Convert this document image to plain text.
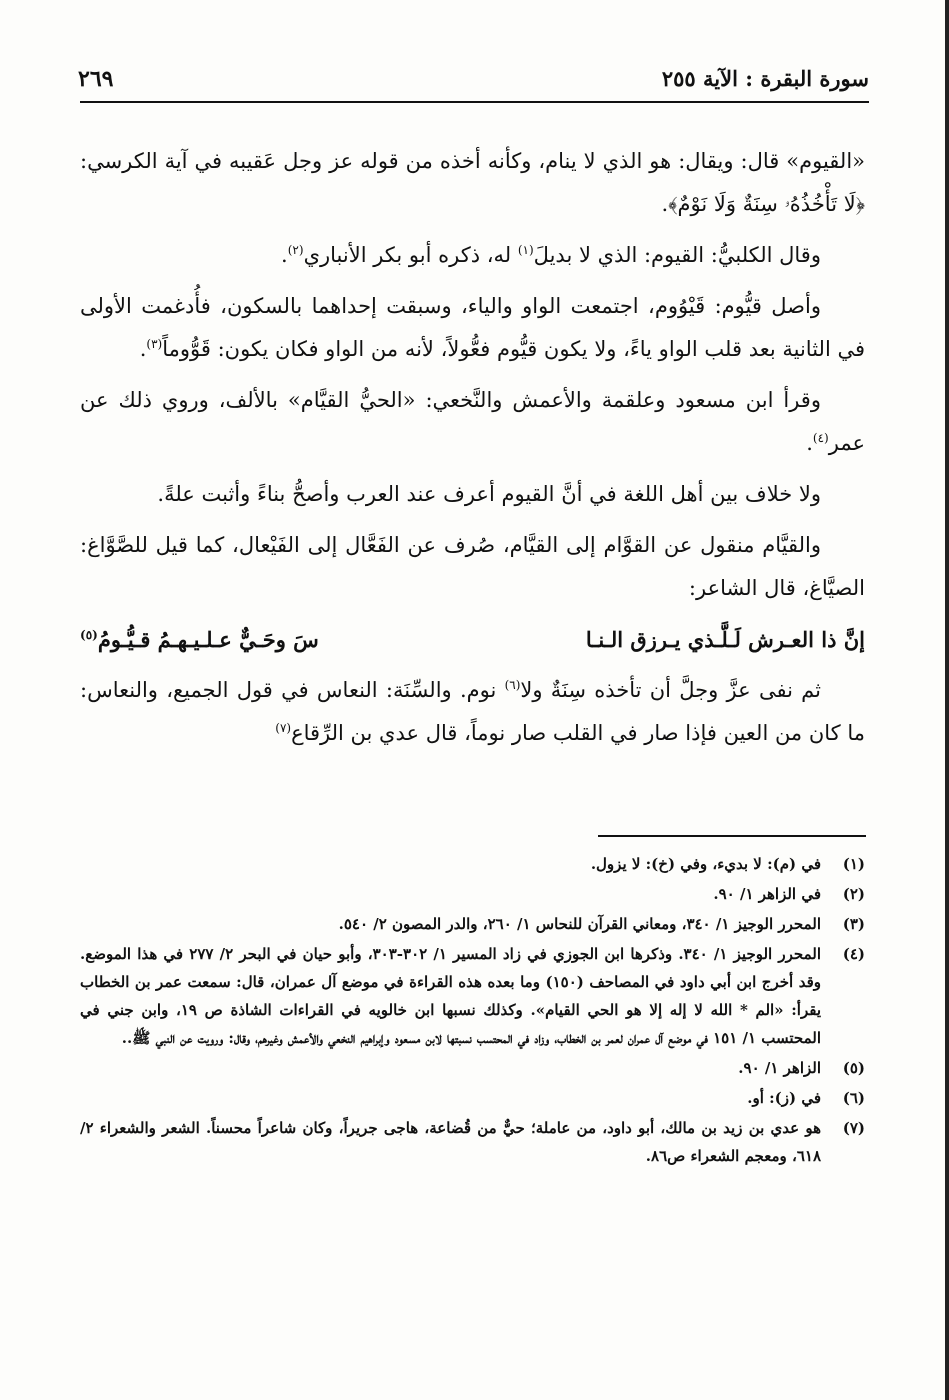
سورة البقرة : الآية ٢٥٥
٢٦٩

«القيوم» قال: ويقال: هو الذي لا ينام، وكأنه أخذه من قوله عز وجل عَقيبه في آية الكرسي: ﴿لَا تَأْخُذُهُۥ سِنَةٌ وَلَا نَوْمٌ﴾.

وقال الكلبيُّ: القيوم: الذي لا بديلَ$^{(١)}$ له، ذكره أبو بكر الأنباري$^{(٢)}$.

وأصل قيُّوم: قَيْوُوم، اجتمعت الواو والياء، وسبقت إحداهما بالسكون، فأُدغمت الأولى في الثانية بعد قلب الواو ياءً، ولا يكون قيُّوم فعُّولاً، لأنه من الواو فكان يكون: قَوُّوماً$^{(٣)}$.

وقرأ ابن مسعود وعلقمة والأعمش والنَّخعي: «الحيُّ القيَّام» بالألف، وروي ذلك عن عمر$^{(٤)}$.

ولا خلاف بين أهل اللغة في أنَّ القيوم أعرف عند العرب وأصحُّ بناءً وأثبت علةً.

والقيَّام منقول عن القوَّام إلى القيَّام، صُرف عن الفَعَّال إلى الفَيْعال، كما قيل للصَّوَّاغ: الصيَّاغ، قال الشاعر:

إنَّ ذا العـرش لَـلَّـذي يـرزق الـنـا
سَ وحَـيٌّ عـلـيـهـمُ قـيُّـومُ$^{(٥)}$

ثم نفى عزَّ وجلَّ أن تأخذه سِنَةٌ ولا$^{(٦)}$ نوم. والسِّنَة: النعاس في قول الجميع، والنعاس: ما كان من العين فإذا صار في القلب صار نوماً، قال عدي بن الرِّقاع$^{(٧)}$

(١)
في (م): لا بديء، وفي (خ): لا يزول.
(٢)
في الزاهر ١/ ٩٠.
(٣)
المحرر الوجيز ١/ ٣٤٠، ومعاني القرآن للنحاس ١/ ٢٦٠، والدر المصون ٢/ ٥٤٠.
(٤)
المحرر الوجيز ١/ ٣٤٠. وذكرها ابن الجوزي في زاد المسير ١/ ٣٠٢-٣٠٣، وأبو حيان في البحر ٢/ ٢٧٧ في هذا الموضع. وقد أخرج ابن أبي داود في المصاحف (١٥٠) وما بعده هذه القراءة في موضع آل عمران، قال: سمعت عمر بن الخطاب يقرأ: «الم * الله لا إله إلا هو الحي القيام». وكذلك نسبها ابن خالويه في القراءات الشاذة ص ١٩، وابن جني في المحتسب ١/ ١٥١ في موضع آل عمران لعمر بن الخطاب، وزاد في المحتسب نسبتها لابن مسعود وإبراهيم النخعي والأعمش وغيرهم، وقال: ورويت عن النبي ﷺ..
(٥)
الزاهر ١/ ٩٠.
(٦)
في (ز): أو.
(٧)
هو عدي بن زيد بن مالك، أبو داود، من عاملة؛ حيٌّ من قُضاعة، هاجى جريراً، وكان شاعراً محسناً. الشعر والشعراء ٢/ ٦١٨، ومعجم الشعراء ص٨٦.
